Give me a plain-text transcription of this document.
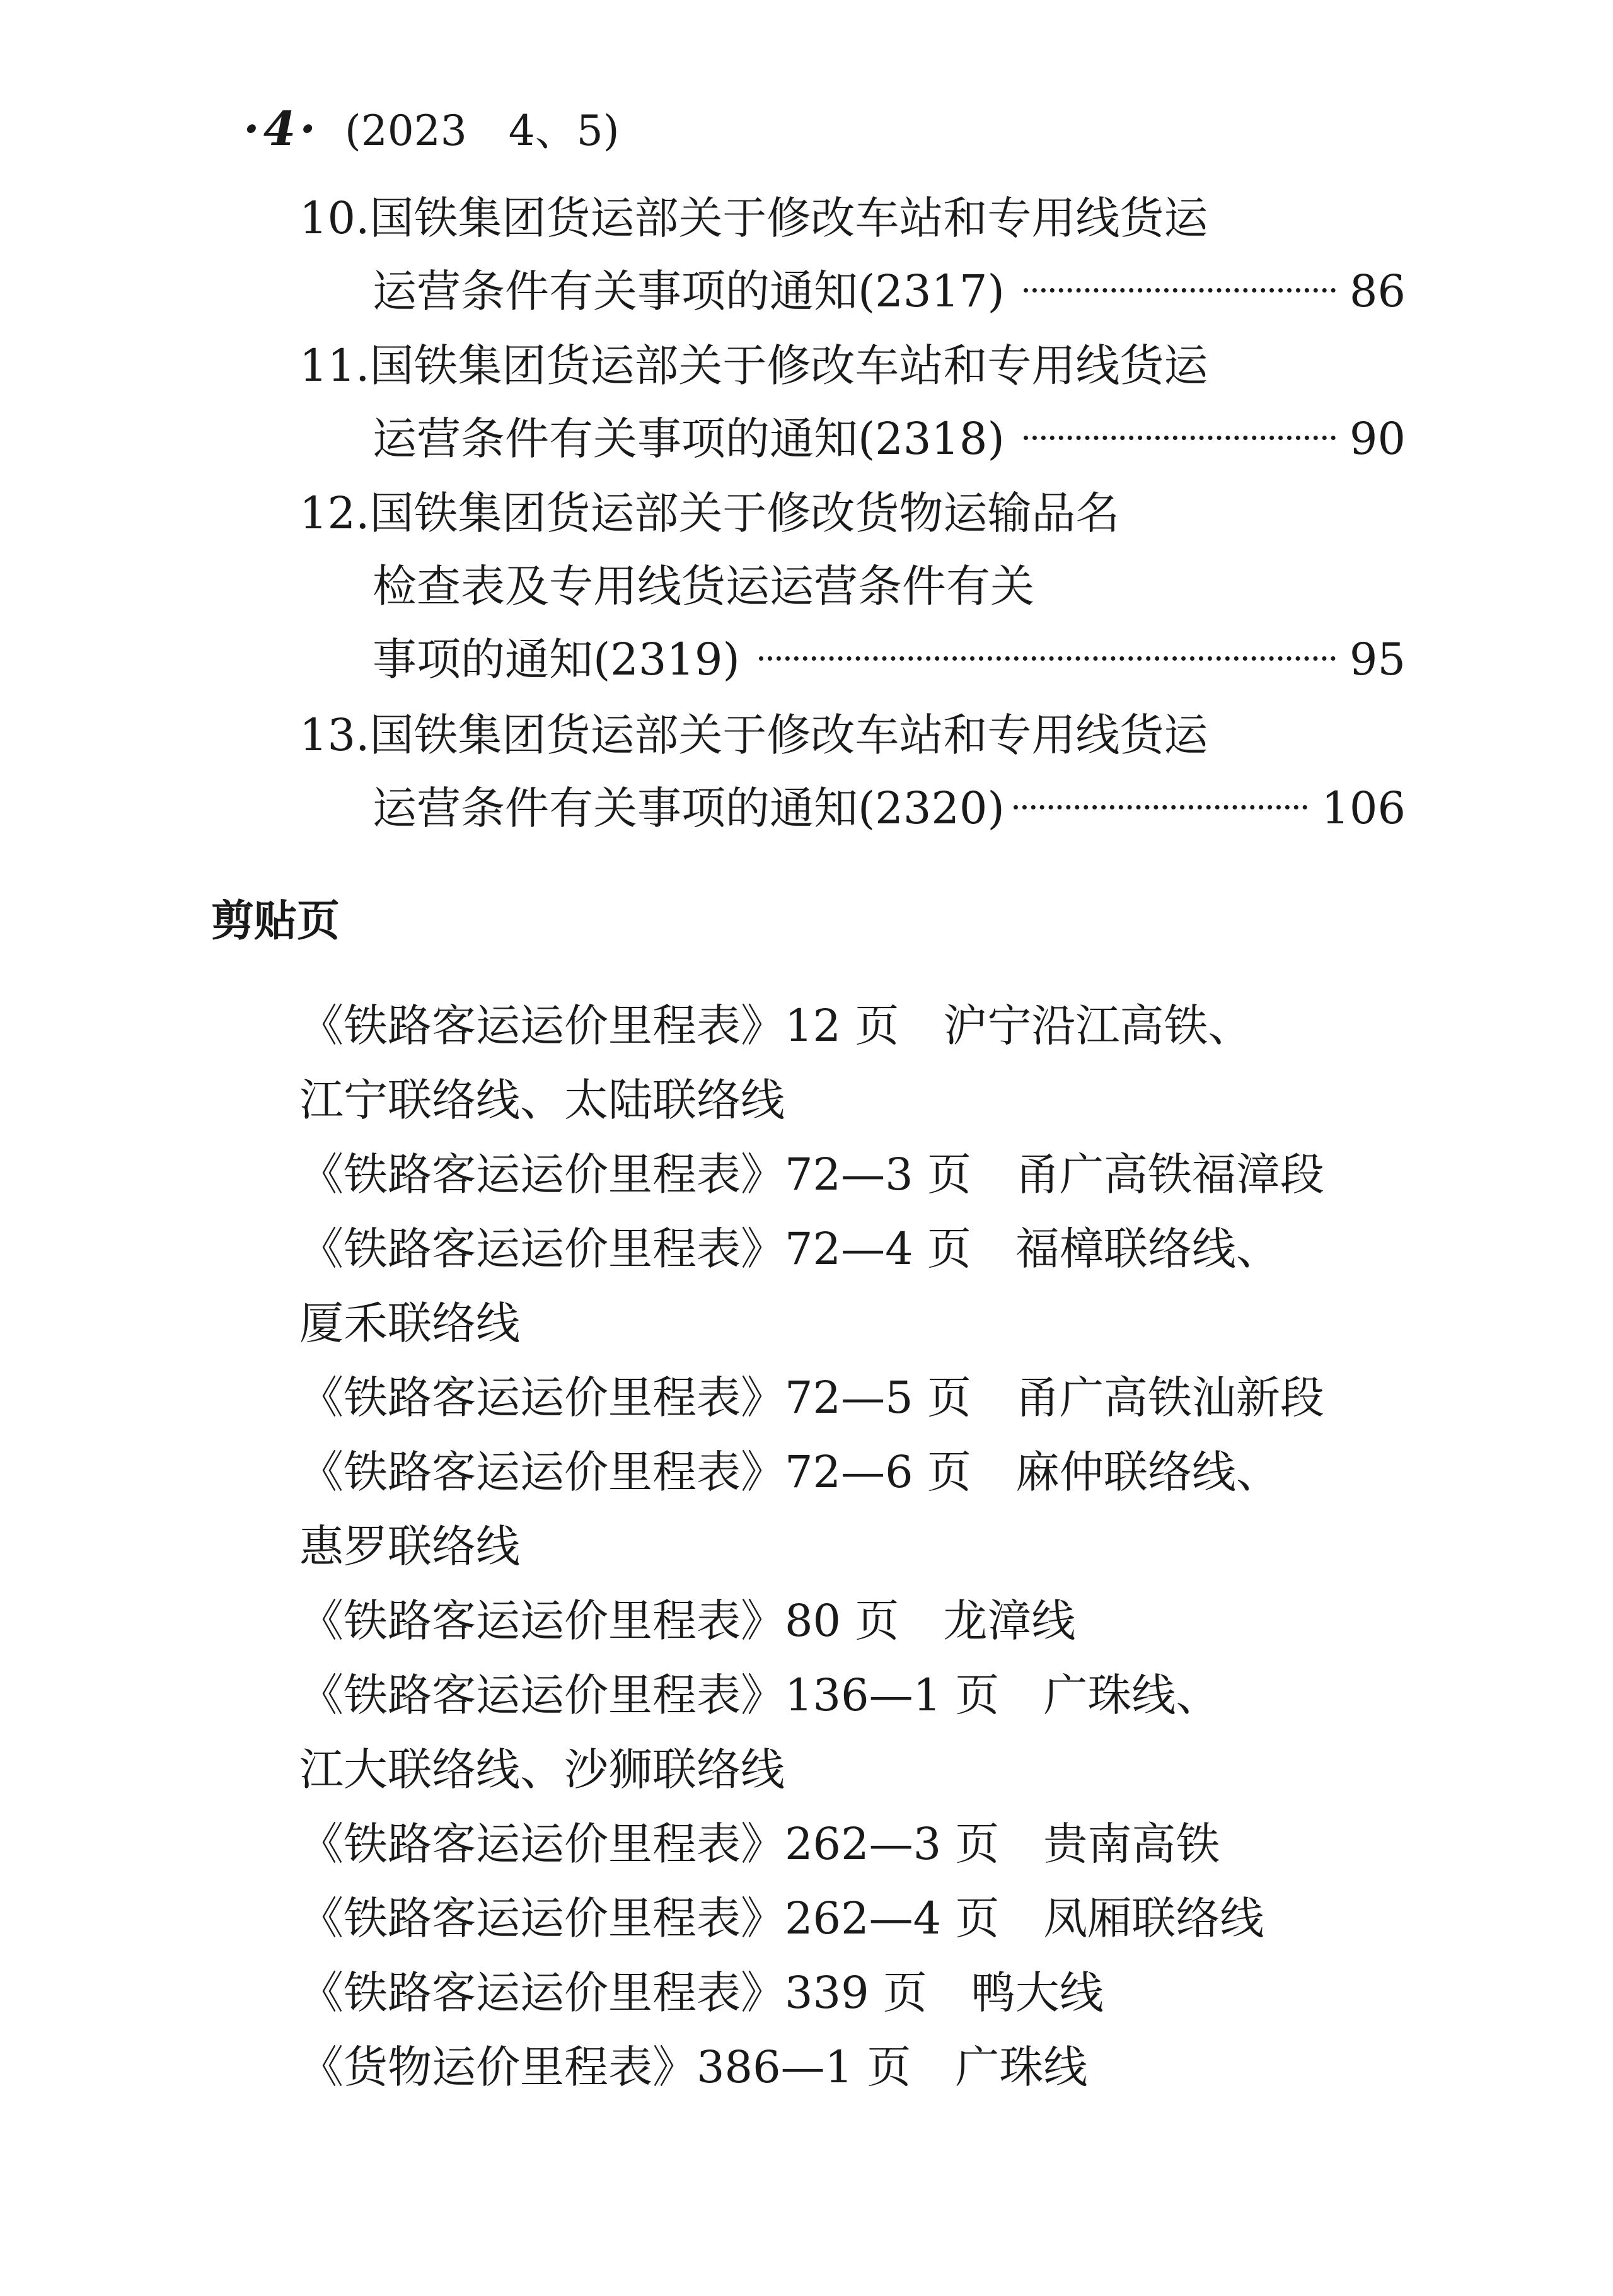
·4· (2023　4、5)
10.国铁集团货运部关于修改车站和专用线货运
运营条件有关事项的通知(2317)	86
11.国铁集团货运部关于修改车站和专用线货运
运营条件有关事项的通知(2318)	90
12.国铁集团货运部关于修改货物运输品名
检查表及专用线货运运营条件有关
事项的通知(2319)	95
13.国铁集团货运部关于修改车站和专用线货运
运营条件有关事项的通知(2320)	106
剪贴页
《铁路客运运价里程表》12 页　沪宁沿江高铁、
江宁联络线、太陆联络线
《铁路客运运价里程表》72—3 页　甬广高铁福漳段
《铁路客运运价里程表》72—4 页　福樟联络线、
厦禾联络线
《铁路客运运价里程表》72—5 页　甬广高铁汕新段
《铁路客运运价里程表》72—6 页　麻仲联络线、
惠罗联络线
《铁路客运运价里程表》80 页　龙漳线
《铁路客运运价里程表》136—1 页　广珠线、
江大联络线、沙狮联络线
《铁路客运运价里程表》262—3 页　贵南高铁
《铁路客运运价里程表》262—4 页　凤厢联络线
《铁路客运运价里程表》339 页　鸭大线
《货物运价里程表》386—1 页　广珠线
